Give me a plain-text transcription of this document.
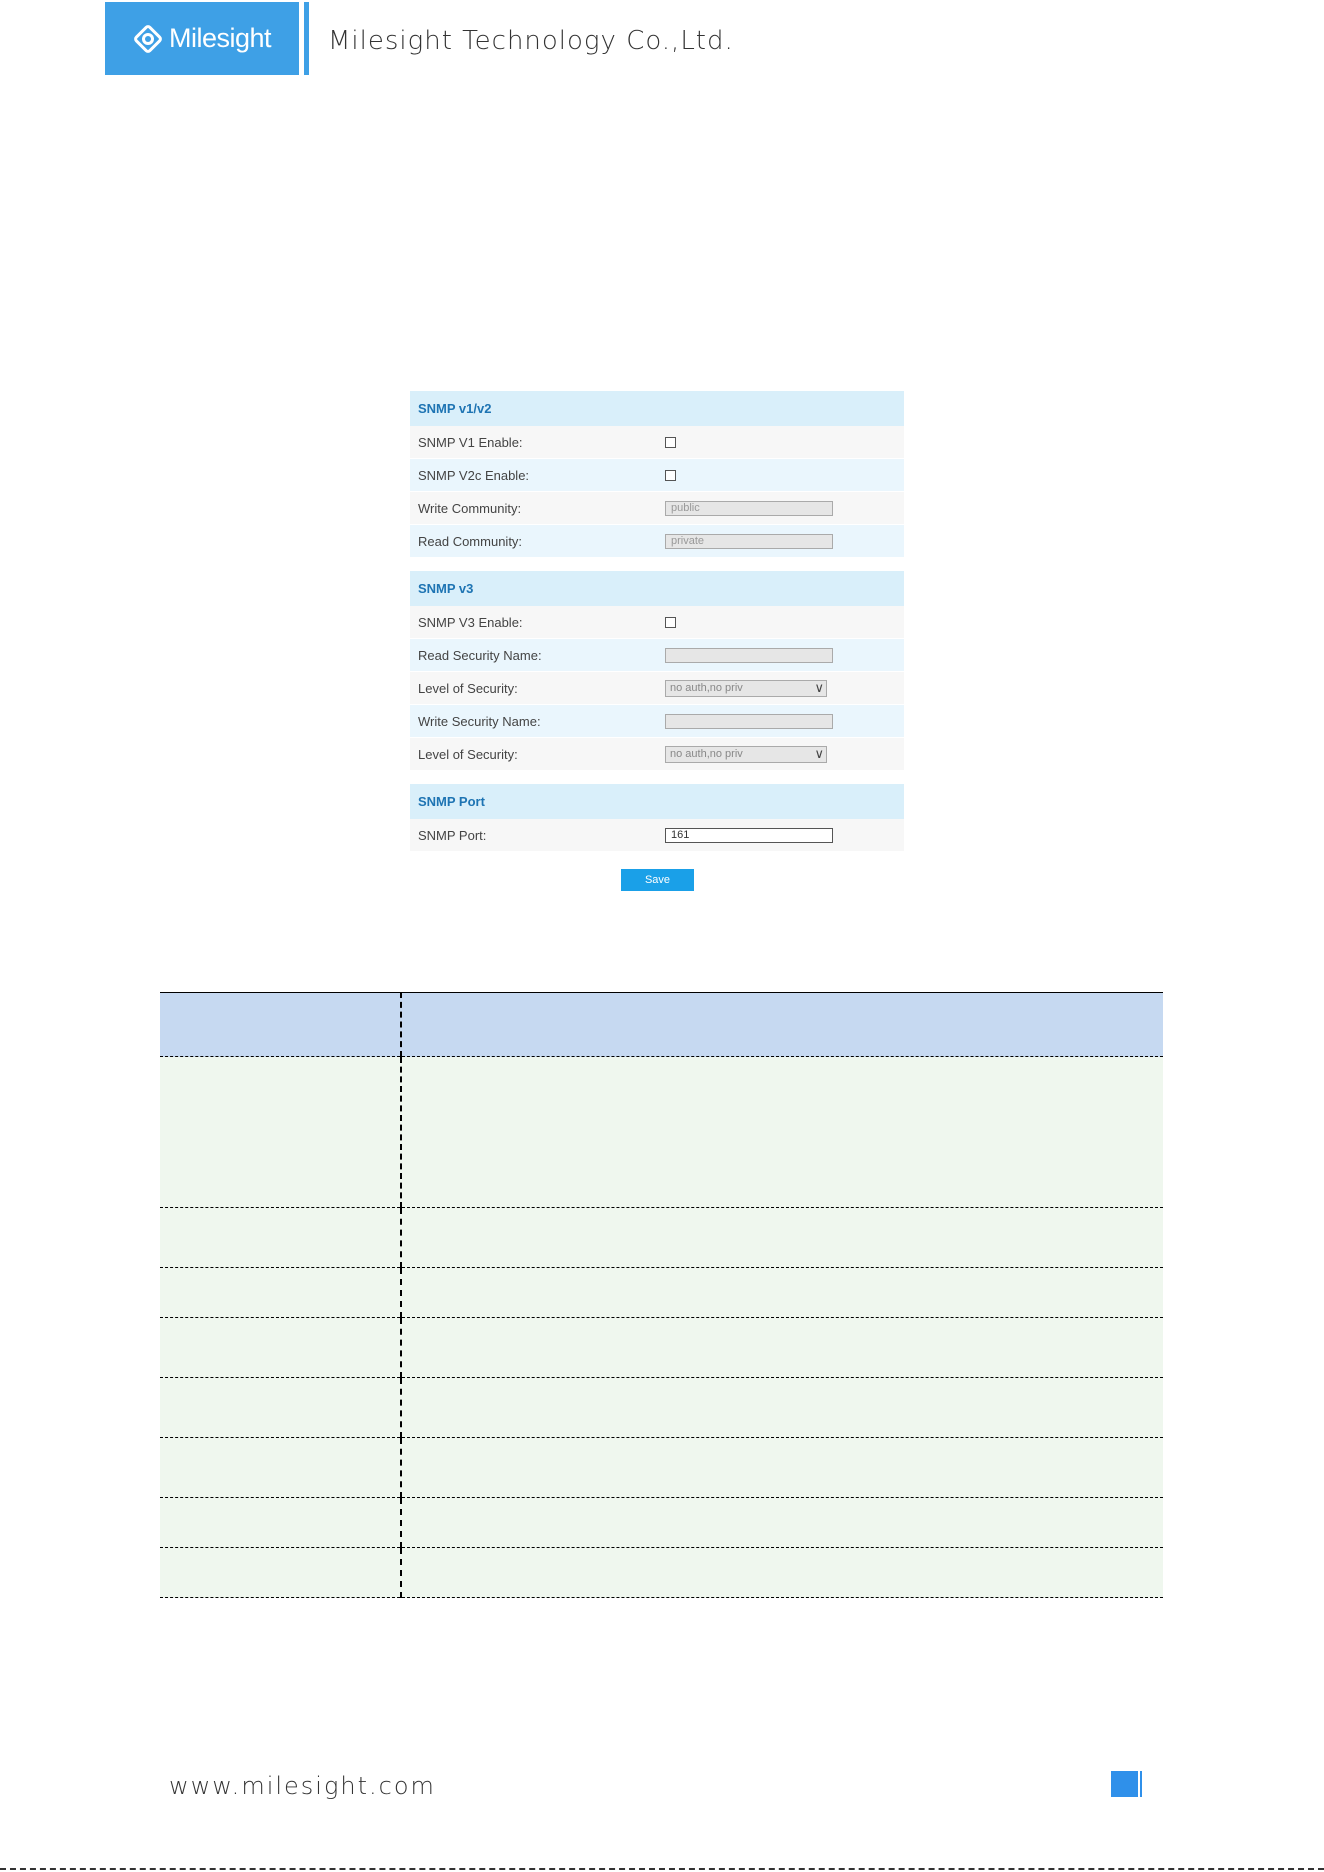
Milesight Milesight Technology Co.,Ltd.
SNMP v1/v2
SNMP V1 Enable:
SNMP V2c Enable:
Write Community:	public
Read Community:	private
SNMP v3
SNMP V3 Enable:
Read Security Name:
Level of Security:	no auth,no priv	∨
Write Security Name:
Level of Security:	no auth,no priv	∨
SNMP Port
SNMP Port:	161
Save

www.milesight.com
